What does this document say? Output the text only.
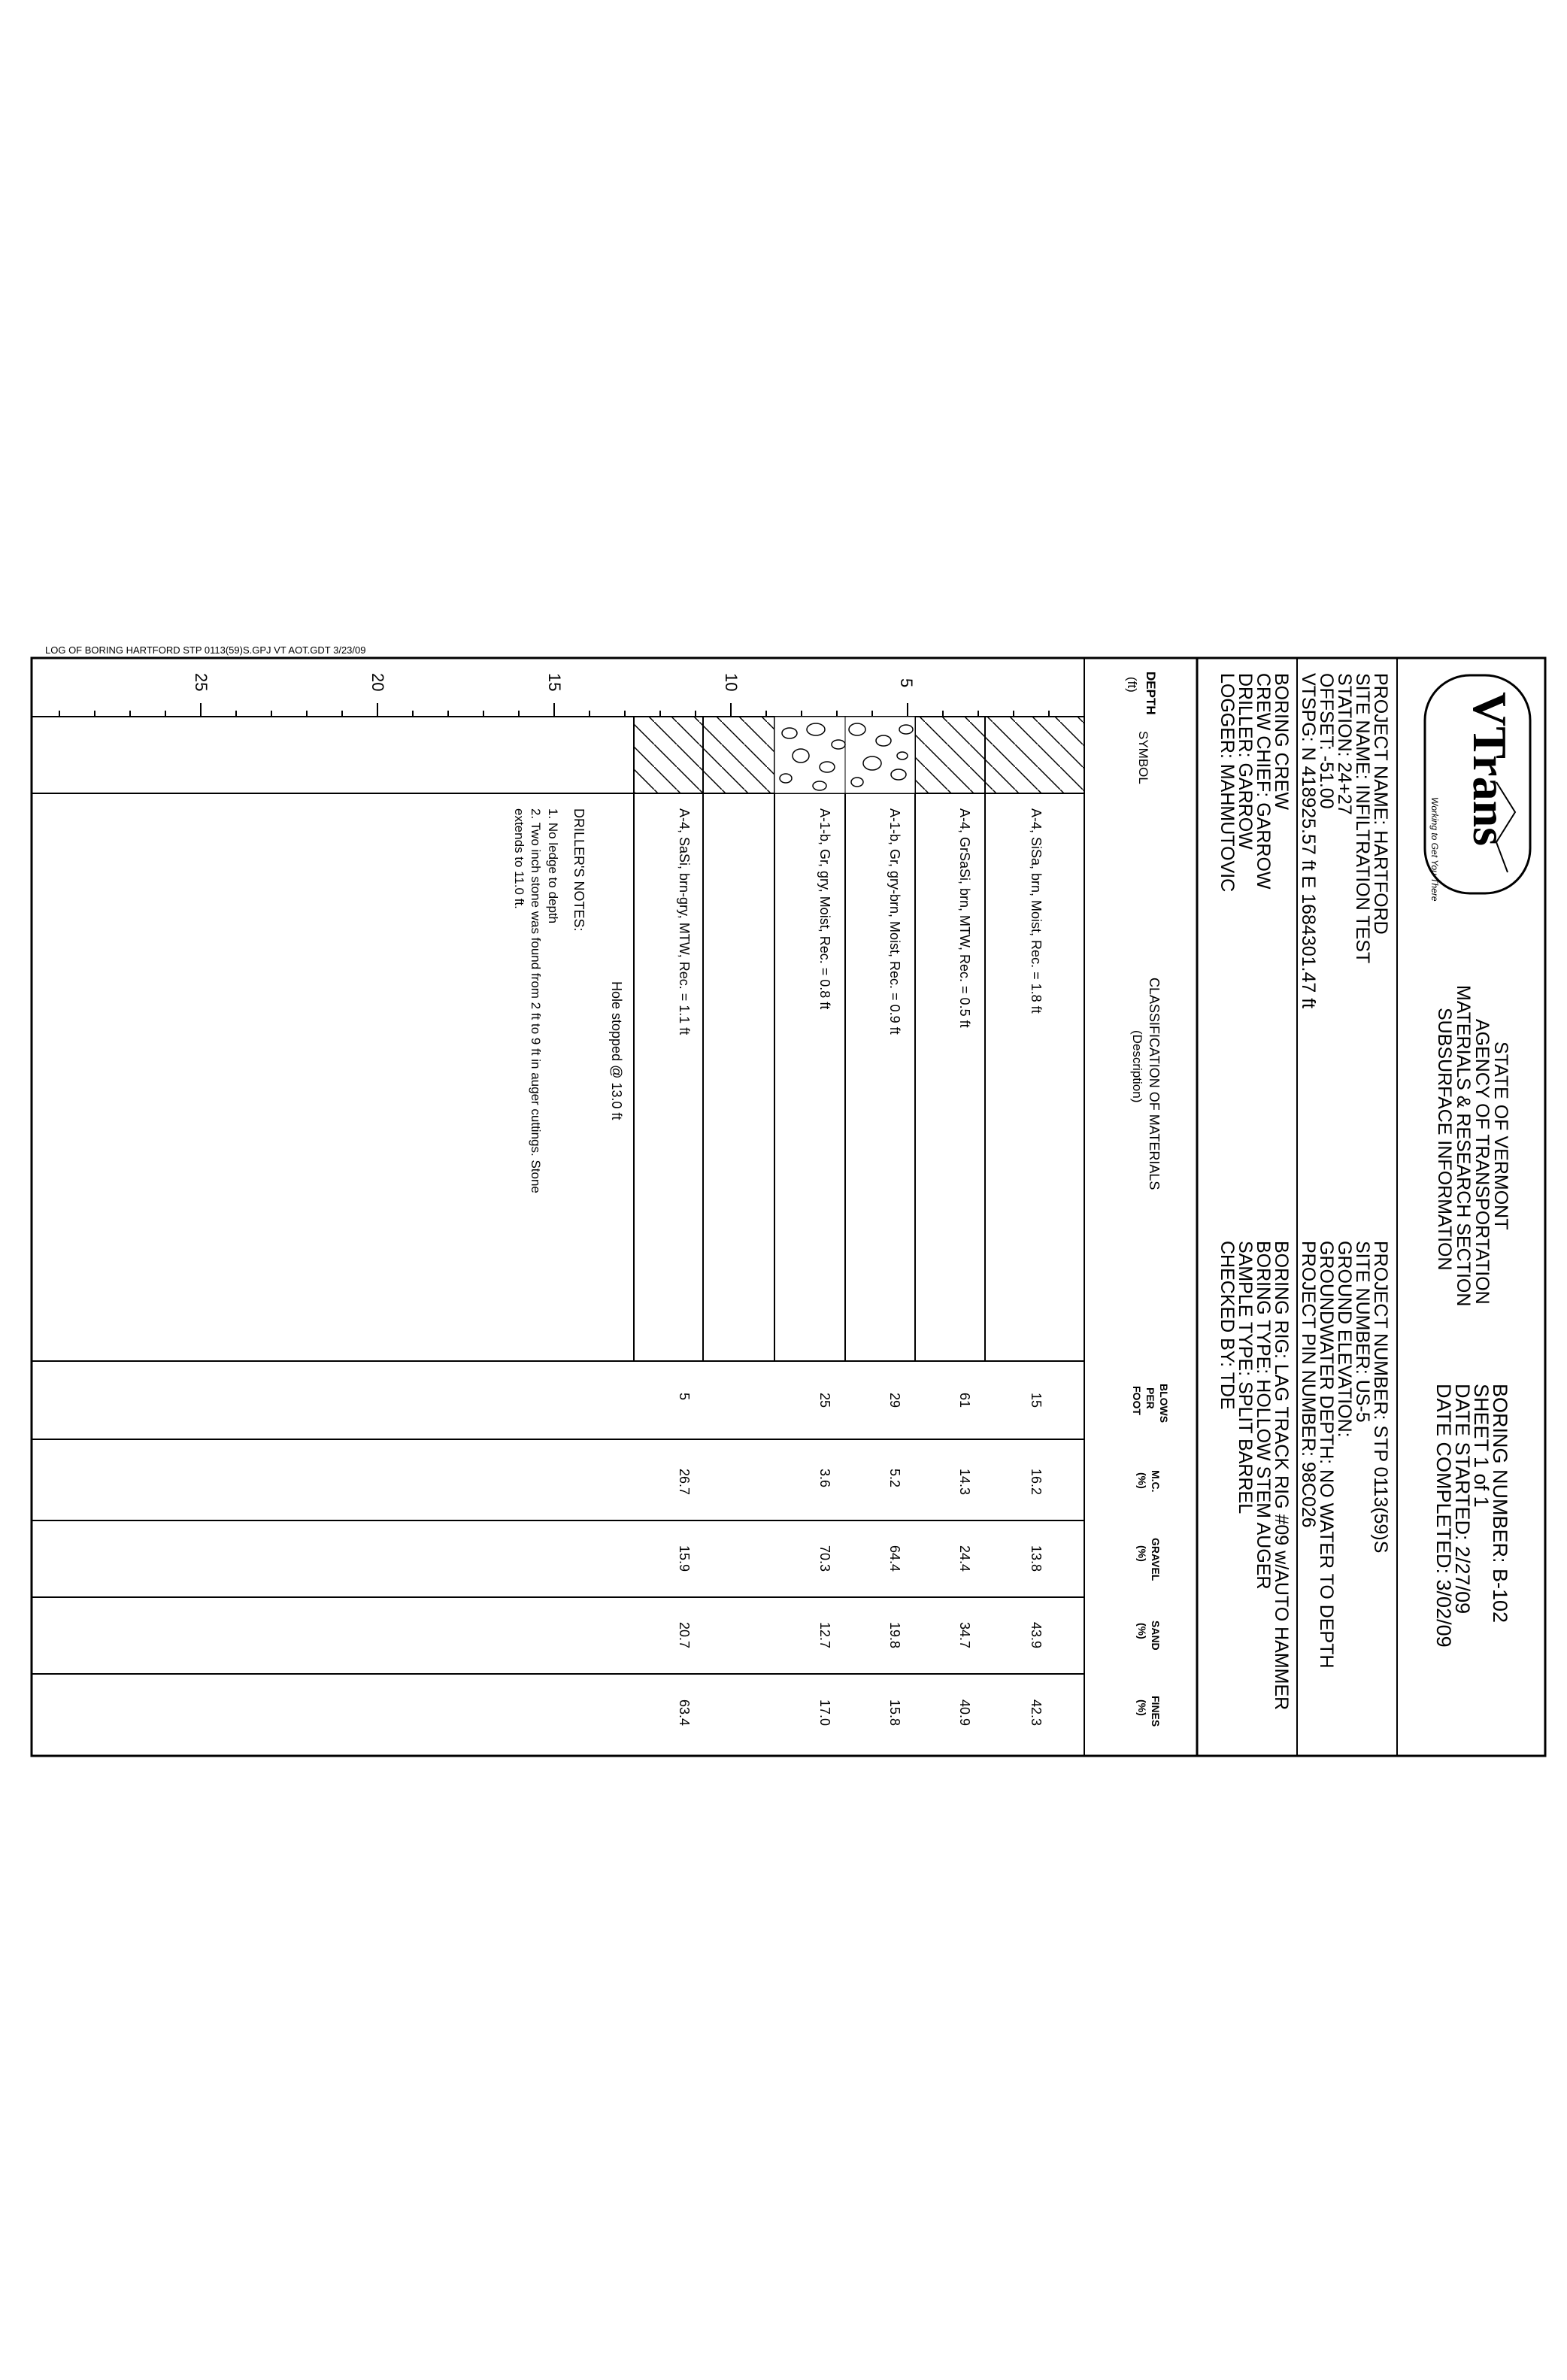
LOG OF BORING HARTFORD STP 0113(59)S.GPJ VT AOT.GDT 3/23/09
VTrans
Working to Get You There
STATE OF VERMONT
AGENCY OF TRANSPORTATION
MATERIALS & RESEARCH SECTION
SUBSURFACE INFORMATION
BORING NUMBER: B-102
SHEET 1 of 1
DATE STARTED: 2/27/09
DATE COMPLETED: 3/02/09
PROJECT NAME: HARTFORD
SITE NAME: INFILTRATION TEST
STATION: 24+27
OFFSET: -51.00
VTSPG: N 418925.57 ft E 1684301.47 ft
PROJECT NUMBER: STP 0113(59)S
SITE NUMBER: US-5
GROUND ELEVATION:
GROUNDWATER DEPTH: NO WATER TO DEPTH
PROJECT PIN NUMBER: 98C026
BORING CREW
CREW CHIEF: GARROW
DRILLER: GARROW
LOGGER: MAHMUTOVIC
BORING RIG: LAG TRACK RIG #09 w/AUTO HAMMER
BORING TYPE: HOLLOW STEM AUGER
SAMPLE TYPE: SPLIT BARREL
CHECKED BY: TDE
DEPTH
(ft)
SYMBOL
CLASSIFICATION OF MATERIALS
(Description)
BLOWS
PER
FOOT
M.C.
(%)
GRAVEL
(%)
SAND
(%)
FINES
(%)
5
10
15
20
25
A-4, SiSa, brn, Moist, Rec. = 1.8 ft
15
16.2
13.8
43.9
42.3
A-4, GrSaSi, brn, MTW, Rec. = 0.5 ft
61
14.3
24.4
34.7
40.9
A-1-b, Gr, gry-brn, Moist, Rec. = 0.9 ft
29
5.2
64.4
19.8
15.8
A-1-b, Gr, gry, Moist, Rec. = 0.8 ft
25
3.6
70.3
12.7
17.0
A-4, SaSi, brn-gry, MTW, Rec. = 1.1 ft
5
26.7
15.9
20.7
63.4
Hole stopped @ 13.0 ft
DRILLER'S NOTES:
1. No ledge to depth
2. Two inch stone was found from 2 ft to 9 ft in auger cuttings. Stone
extends to 11.0 ft.
